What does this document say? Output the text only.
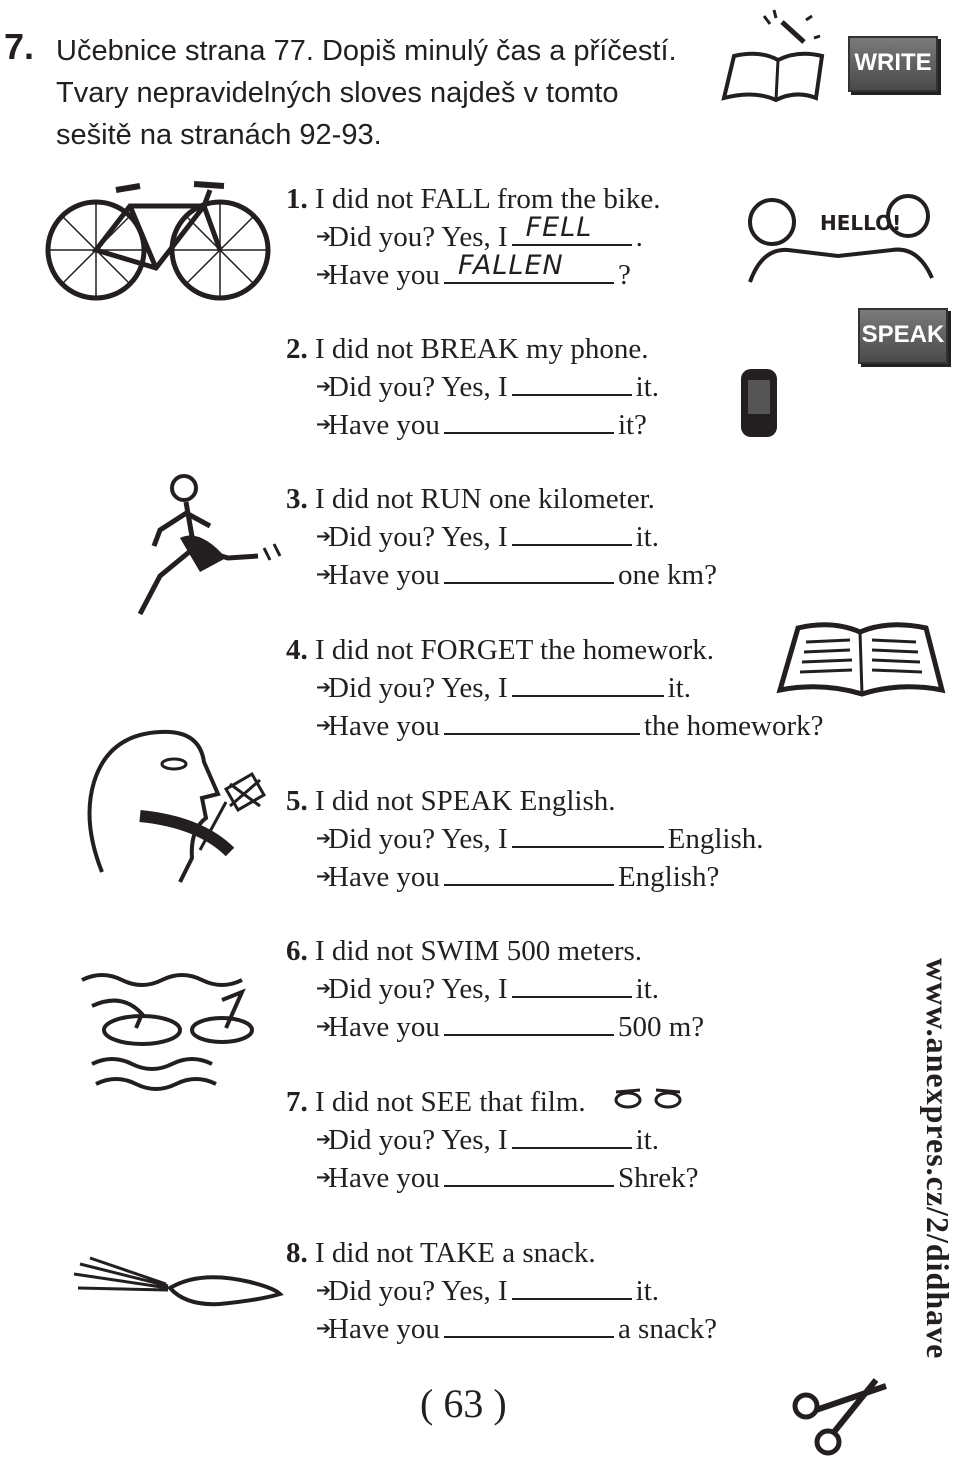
7. Učebnice strana 77. Dopiš minulý čas a příčestí.
Tvary nepravidelných sloves najdeš v tomto
sešitě na stranách 92-93.
WRITE
SPEAK
HELLO!
1. I did not FALL from the bike.
➔
Did you? Yes, I FELL .
➔
Have you FALLEN ?
2. I did not BREAK my phone.
➔
Did you? Yes, I	it.
➔
Have you	it?
3. I did not RUN one kilometer.
➔
Did you? Yes, I	it.
➔
Have you	one km?
4. I did not FORGET the homework.
➔
Did you? Yes, I	it.
➔
Have you	the homework?
5. I did not SPEAK English.
➔
Did you? Yes, I	English.
➔
Have you	English?
6. I did not SWIM 500 meters.
➔
Did you? Yes, I	it.
➔
Have you	500 m?
7. I did not SEE that film.
➔
Did you? Yes, I	it.
➔
Have you	Shrek?
8. I did not TAKE a snack.
➔
Did you? Yes, I	it.
➔
Have you	a snack?
( 63 )
www.anexpres.cz/2/didhave
